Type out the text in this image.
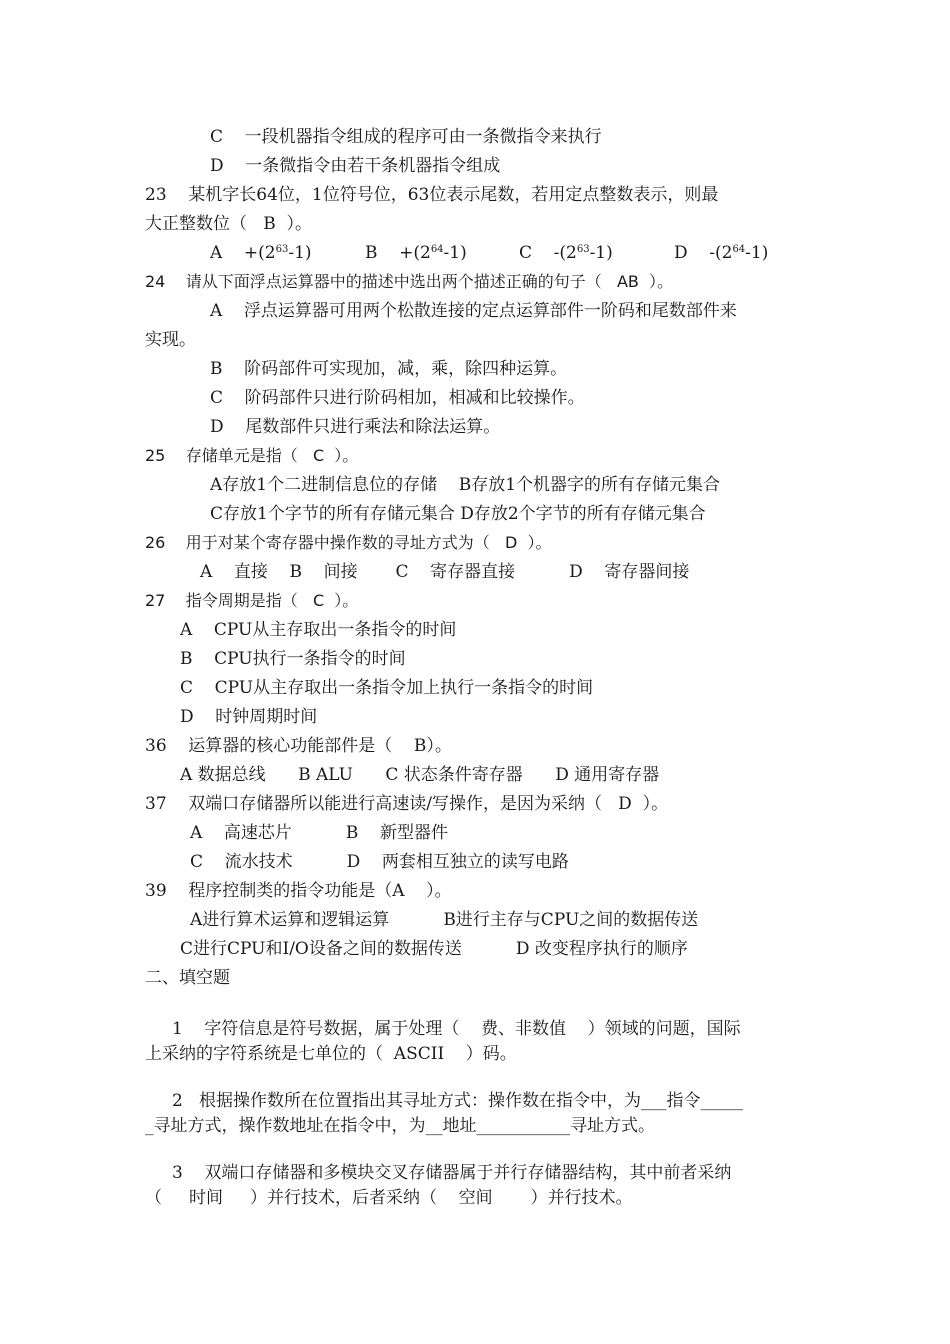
C    一段机器指令组成的程序可由一条微指令来执行
D    一条微指令由若干条机器指令组成
23    某机字长64位，1位符号位，63位表示尾数，若用定点整数表示，则最
大正整数位（   B  ）。
A    $+(2^{63}-1)$	B    $+(2^{64}-1)$	C    $-(2^{63}-1)$	D    $-(2^{64}-1)$
24    请从下面浮点运算器中的描述中选出两个描述正确的句子（   AB  ）。
A    浮点运算器可用两个松散连接的定点运算部件一阶码和尾数部件来
实现。
B    阶码部件可实现加，减，乘，除四种运算。
C    阶码部件只进行阶码相加，相减和比较操作。
D    尾数部件只进行乘法和除法运算。
25    存储单元是指（   C  ）。
A存放1个二进制信息位的存储    B存放1个机器字的所有存储元集合
C存放1个字节的所有存储元集合 D存放2个字节的所有存储元集合
26    用于对某个寄存器中操作数的寻址方式为（   D  ）。
A    直接    B    间接       C    寄存器直接          D    寄存器间接
27    指令周期是指（   C  ）。
A    CPU从主存取出一条指令的时间
B    CPU执行一条指令的时间
C    CPU从主存取出一条指令加上执行一条指令的时间
D    时钟周期时间
36    运算器的核心功能部件是（    B）。
A 数据总线      B ALU      C 状态条件寄存器      D 通用寄存器
37    双端口存储器所以能进行高速读/写操作，是因为采纳（   D  ）。
A    高速芯片          B    新型器件
C    流水技术          D    两套相互独立的读写电路
39    程序控制类的指令功能是（A    ）。
A进行算术运算和逻辑运算          B进行主存与CPU之间的数据传送
C进行CPU和I/O设备之间的数据传送          D 改变程序执行的顺序
二、填空题
1    字符信息是符号数据，属于处理（    费、非数值    ）领域的问题，国际
上采纳的字符系统是七单位的（  ASCII    ）码。
2   根据操作数所在位置指出其寻址方式：操作数在指令中，为___指令_____
_寻址方式，操作数地址在指令中，为__地址___________寻址方式。
3    双端口存储器和多模块交叉存储器属于并行存储器结构，其中前者采纳
（     时间     ）并行技术，后者采纳（    空间       ）并行技术。
